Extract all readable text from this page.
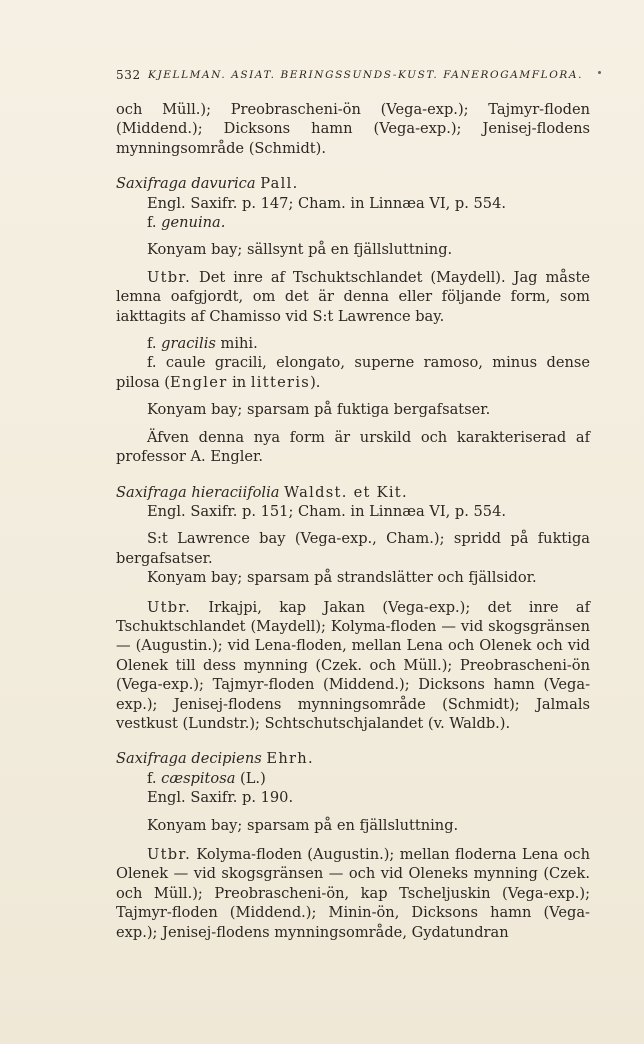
532 KJELLMAN. ASIAT. BERINGSSUNDS-KUST. FANEROGAMFLORA.

och Müll.); Preobrascheni-ön (Vega-exp.); Tajmyr-floden (Middend.); Dicksons hamn (Vega-exp.); Jenisej-flodens mynningsområde (Schmidt).

Saxifraga davurica Pall.

Engl. Saxifr. p. 147; Cham. in Linnæa VI, p. 554.

f. genuina.

Konyam bay; sällsynt på en fjällsluttning.

Utbr. Det inre af Tschuktschlandet (Maydell). Jag måste lemna oafgjordt, om det är denna eller följande form, som iakttagits af Chamisso vid S:t Lawrence bay.

f. gracilis mihi.

f. caule gracili, elongato, superne ramoso, minus dense pilosa (Engler in litteris).

Konyam bay; sparsam på fuktiga bergafsatser.

Äfven denna nya form är urskild och karakteriserad af professor A. Engler.

Saxifraga hieraciifolia Waldst. et Kit.

Engl. Saxifr. p. 151; Cham. in Linnæa VI, p. 554.

S:t Lawrence bay (Vega-exp., Cham.); spridd på fuktiga bergafsatser.

Konyam bay; sparsam på strandslätter och fjällsidor.

Utbr. Irkajpi, kap Jakan (Vega-exp.); det inre af Tschuktschlandet (Maydell); Kolyma-floden — vid skogsgränsen — (Augustin.); vid Lena-floden, mellan Lena och Olenek och vid Olenek till dess mynning (Czek. och Müll.); Preobrascheni-ön (Vega-exp.); Tajmyr-floden (Middend.); Dicksons hamn (Vega-exp.); Jenisej-flodens mynningsområde (Schmidt); Jalmals vestkust (Lundstr.); Schtschutschjalandet (v. Waldb.).

Saxifraga decipiens Ehrh.

f. cæspitosa (L.)

Engl. Saxifr. p. 190.

Konyam bay; sparsam på en fjällsluttning.

Utbr. Kolyma-floden (Augustin.); mellan floderna Lena och Olenek — vid skogsgränsen — och vid Oleneks mynning (Czek. och Müll.); Preobrascheni-ön, kap Tscheljuskin (Vega-exp.); Tajmyr-floden (Middend.); Minin-ön, Dicksons hamn (Vega-exp.); Jenisej-flodens mynningsområde, Gydatundran
